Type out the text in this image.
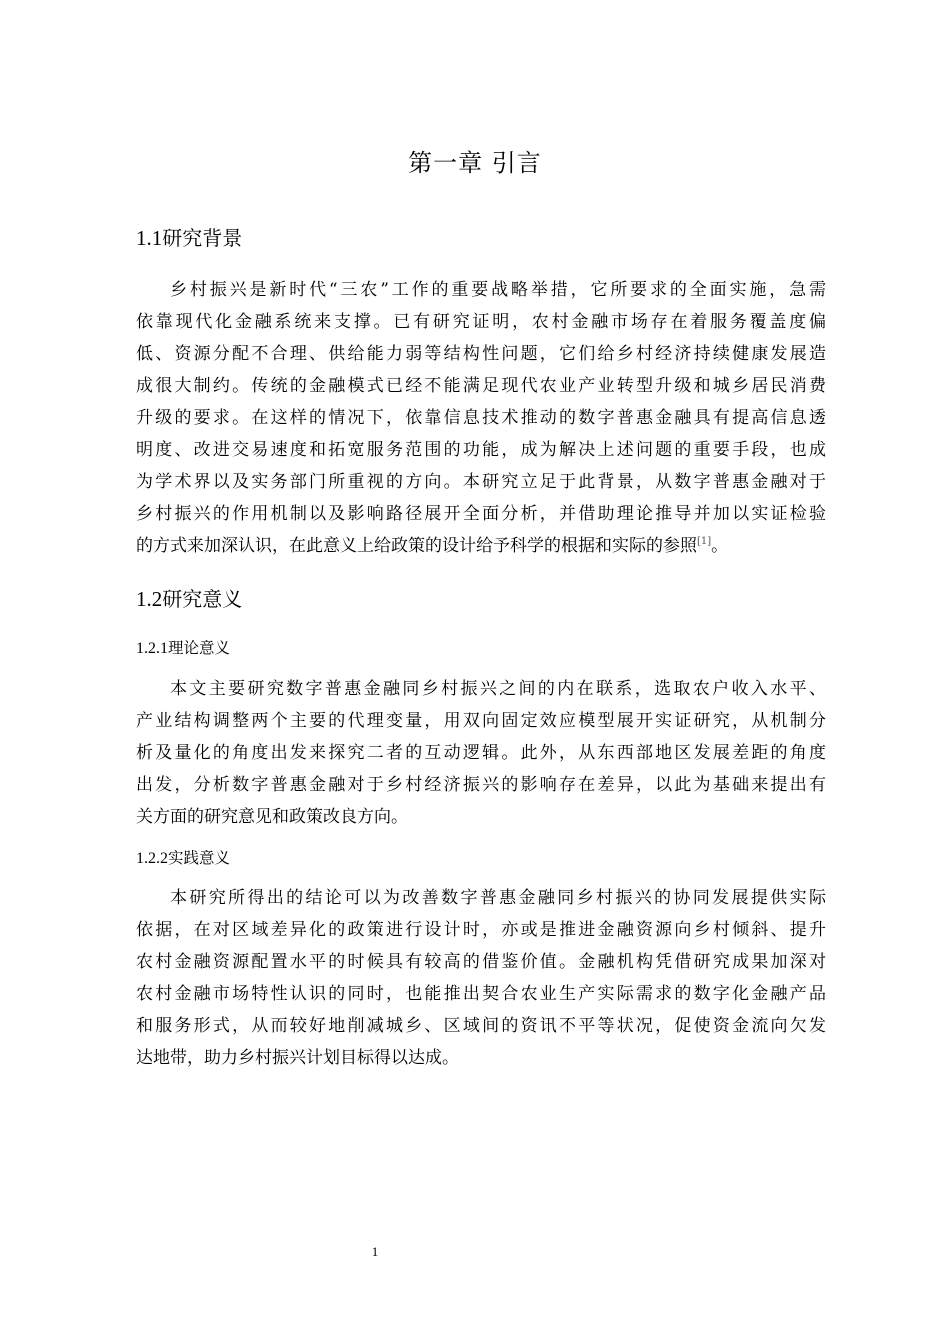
第一章 引言
1.1研究背景
乡村振兴是新时代“三农”工作的重要战略举措，它所要求的全面实施，急需
依靠现代化金融系统来支撑。已有研究证明，农村金融市场存在着服务覆盖度偏
低、资源分配不合理、供给能力弱等结构性问题，它们给乡村经济持续健康发展造
成很大制约。传统的金融模式已经不能满足现代农业产业转型升级和城乡居民消费
升级的要求。在这样的情况下，依靠信息技术推动的数字普惠金融具有提高信息透
明度、改进交易速度和拓宽服务范围的功能，成为解决上述问题的重要手段，也成
为学术界以及实务部门所重视的方向。本研究立足于此背景，从数字普惠金融对于
乡村振兴的作用机制以及影响路径展开全面分析，并借助理论推导并加以实证检验
的方式来加深认识，在此意义上给政策的设计给予科学的根据和实际的参照[1]。
1.2研究意义
1.2.1理论意义
本文主要研究数字普惠金融同乡村振兴之间的内在联系，选取农户收入水平、
产业结构调整两个主要的代理变量，用双向固定效应模型展开实证研究，从机制分
析及量化的角度出发来探究二者的互动逻辑。此外，从东西部地区发展差距的角度
出发，分析数字普惠金融对于乡村经济振兴的影响存在差异，以此为基础来提出有
关方面的研究意见和政策改良方向。
1.2.2实践意义
本研究所得出的结论可以为改善数字普惠金融同乡村振兴的协同发展提供实际
依据，在对区域差异化的政策进行设计时，亦或是推进金融资源向乡村倾斜、提升
农村金融资源配置水平的时候具有较高的借鉴价值。金融机构凭借研究成果加深对
农村金融市场特性认识的同时，也能推出契合农业生产实际需求的数字化金融产品
和服务形式，从而较好地削减城乡、区域间的资讯不平等状况，促使资金流向欠发
达地带，助力乡村振兴计划目标得以达成。
1
